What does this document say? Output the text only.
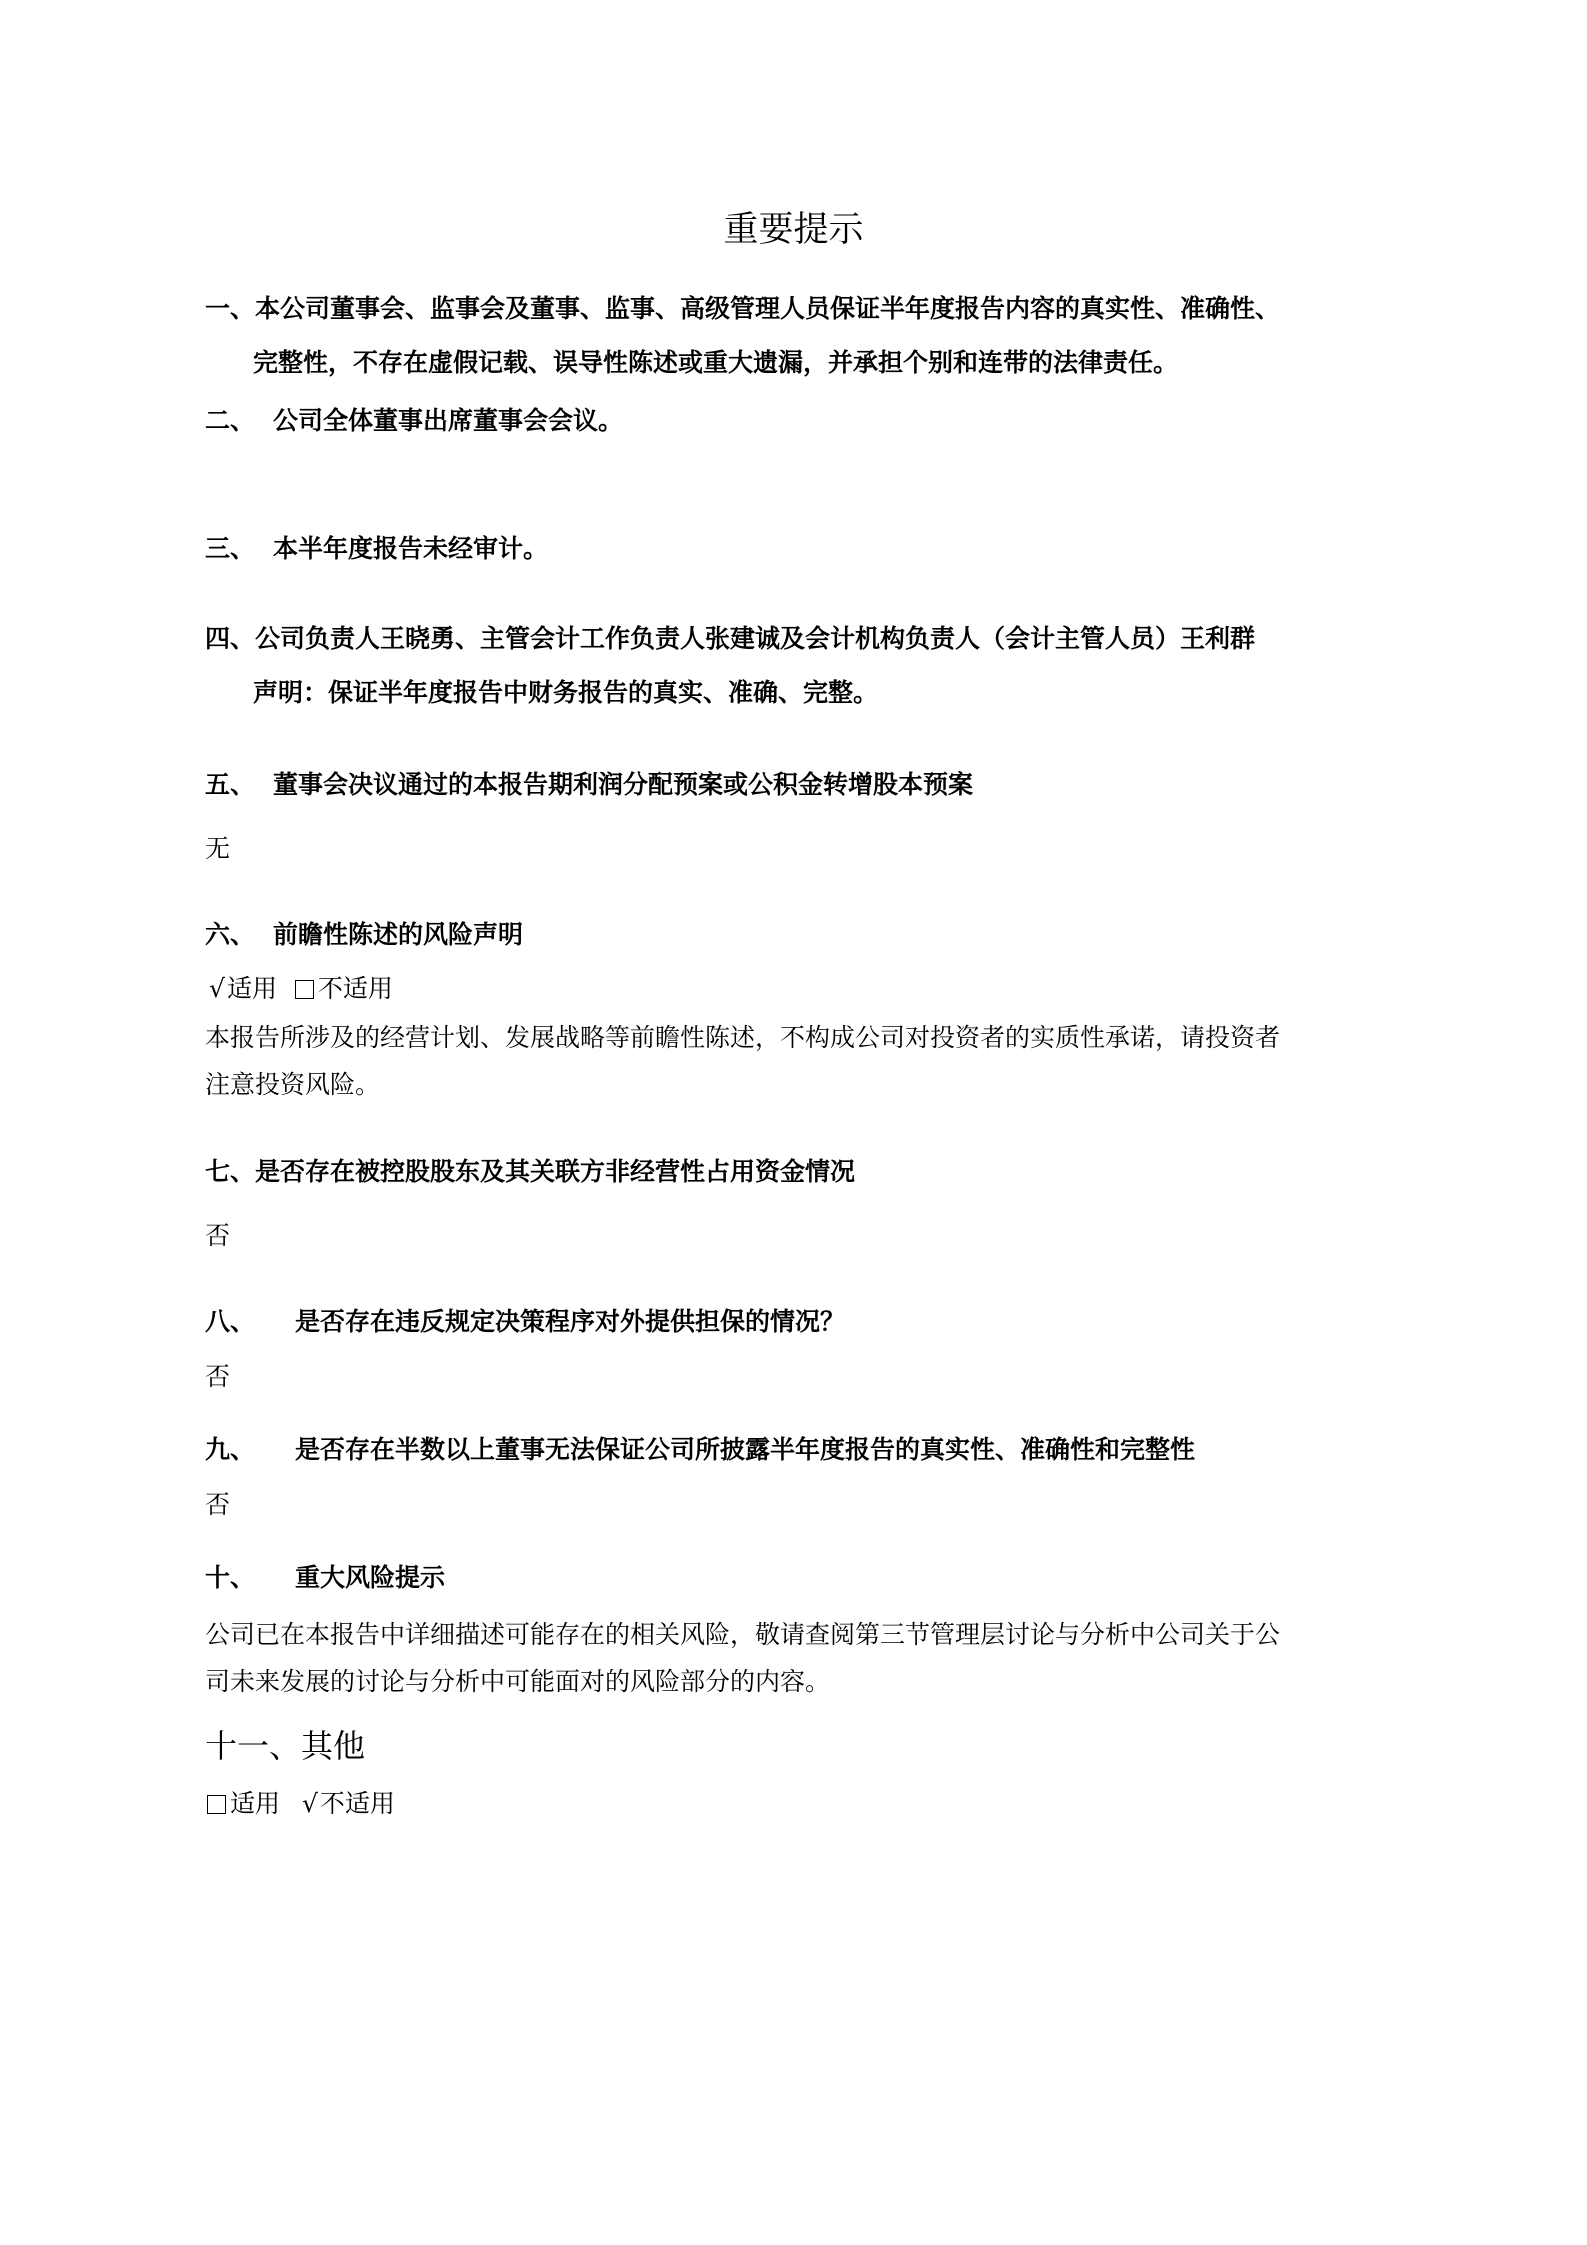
重要提示
一、本公司董事会、监事会及董事、监事、高级管理人员保证半年度报告内容的真实性、准确性、
完整性，不存在虚假记载、误导性陈述或重大遗漏，并承担个别和连带的法律责任。
二、 公司全体董事出席董事会会议。
三、 本半年度报告未经审计。
四、公司负责人王晓勇、主管会计工作负责人张建诚及会计机构负责人（会计主管人员）王利群
声明：保证半年度报告中财务报告的真实、准确、完整。
五、 董事会决议通过的本报告期利润分配预案或公积金转增股本预案
无
六、 前瞻性陈述的风险声明
√适用 不适用
本报告所涉及的经营计划、发展战略等前瞻性陈述，不构成公司对投资者的实质性承诺，请投资者
注意投资风险。
七、是否存在被控股股东及其关联方非经营性占用资金情况
否
八、 是否存在违反规定决策程序对外提供担保的情况？
否
九、 是否存在半数以上董事无法保证公司所披露半年度报告的真实性、准确性和完整性
否
十、 重大风险提示
公司已在本报告中详细描述可能存在的相关风险，敬请查阅第三节管理层讨论与分析中公司关于公
司未来发展的讨论与分析中可能面对的风险部分的内容。
十一、其他
适用 √不适用
